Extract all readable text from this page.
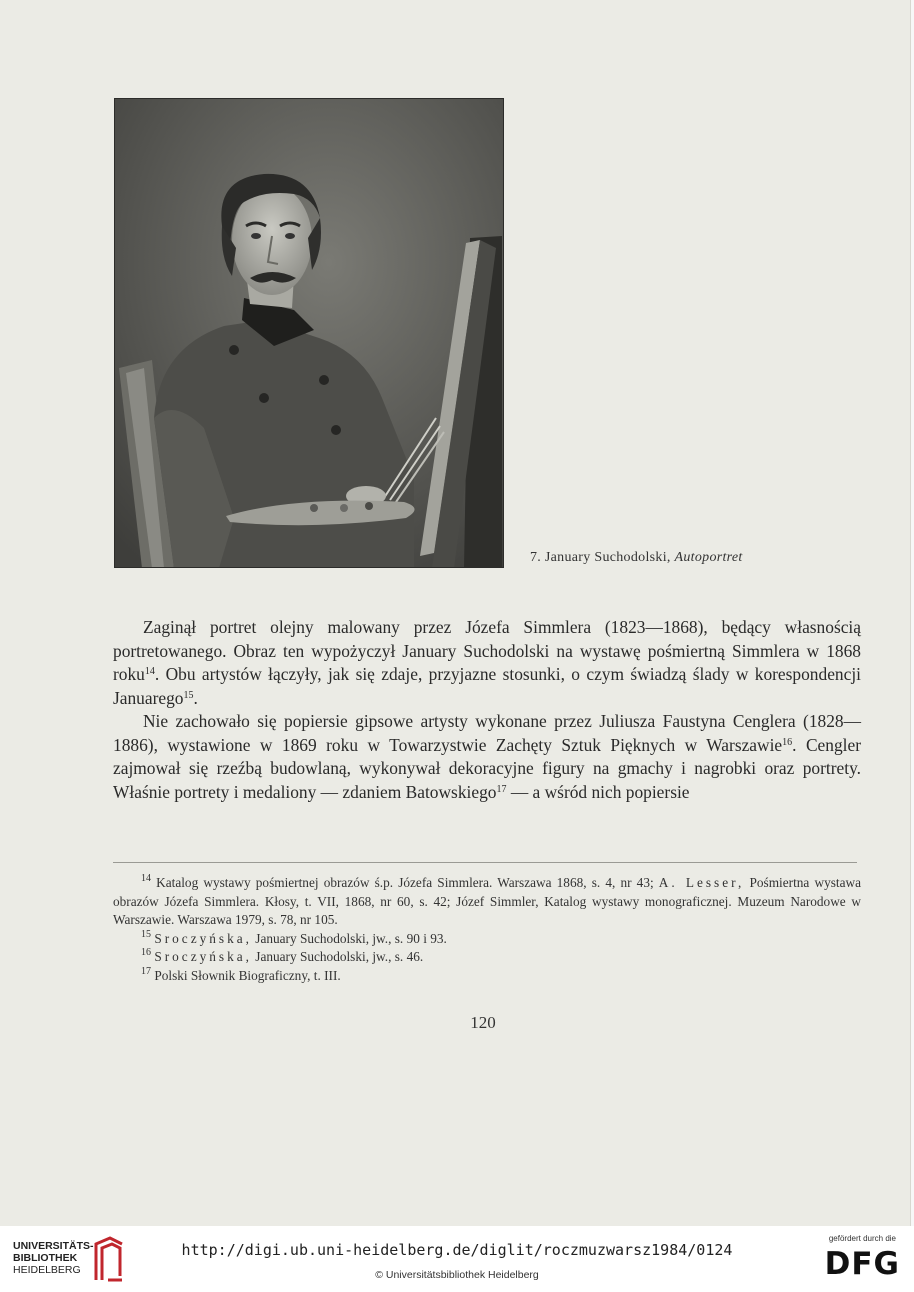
7. January Suchodolski, Autoportret

Zaginął portret olejny malowany przez Józefa Simmlera (1823—1868), będący własnością portretowanego. Obraz ten wypożyczył January Suchodolski na wystawę pośmiertną Simmlera w 1868 roku$^{14}$. Obu artystów łączyły, jak się zdaje, przyjazne stosunki, o czym świadzą ślady w korespondencji Januarego$^{15}$.

Nie zachowało się popiersie gipsowe artysty wykonane przez Juliusza Faustyna Cenglera (1828—1886), wystawione w 1869 roku w Towarzystwie Zachęty Sztuk Pięknych w Warszawie$^{16}$. Cengler zajmował się rzeźbą budowlaną, wykonywał dekoracyjne figury na gmachy i nagrobki oraz portrety. Właśnie portrety i medaliony — zdaniem Batowskiego$^{17}$ — a wśród nich popiersie

$^{14}$ Katalog wystawy pośmiertnej obrazów ś.p. Józefa Simmlera. Warszawa 1868, s. 4, nr 43; A. Lesser, Pośmiertna wystawa obrazów Józefa Simmlera. Kłosy, t. VII, 1868, nr 60, s. 42; Józef Simmler, Katalog wystawy monograficznej. Muzeum Narodowe w Warszawie. Warszawa 1979, s. 78, nr 105.

$^{15}$ Sroczyńska, January Suchodolski, jw., s. 90 i 93.

$^{16}$ Sroczyńska, January Suchodolski, jw., s. 46.

$^{17}$ Polski Słownik Biograficzny, t. III.

120
UNIVERSITÄTS-
BIBLIOTHEK
HEIDELBERG
http://digi.ub.uni-heidelberg.de/diglit/roczmuzwarsz1984/0124
© Universitätsbibliothek Heidelberg
gefördert durch die
DFG
